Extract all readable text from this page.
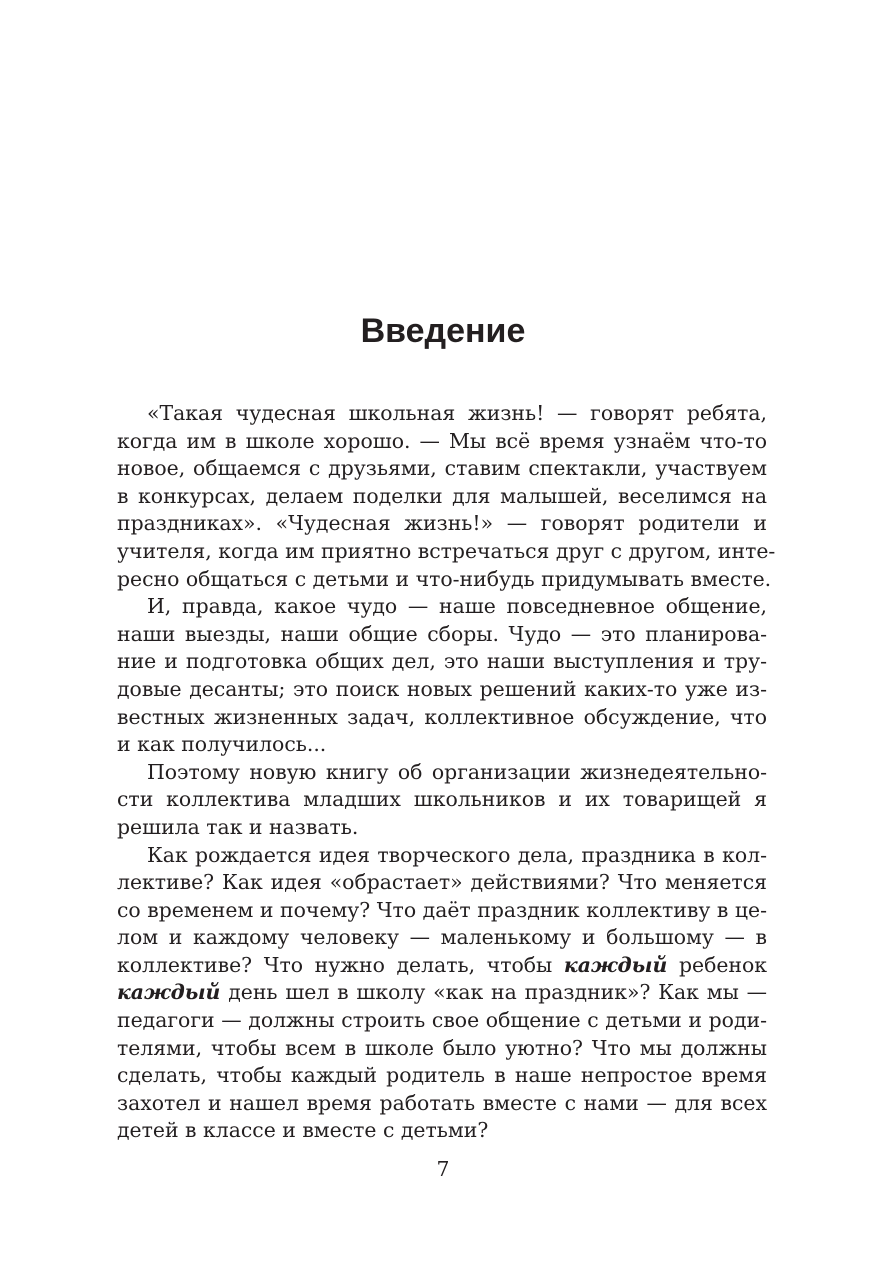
Введение
«Такая чудесная школьная жизнь! — говорят ребята,
когда им в школе хорошо. — Мы всё время узнаём что-то
новое, общаемся с друзьями, ставим спектакли, участвуем
в конкурсах, делаем поделки для малышей, веселимся на
праздниках». «Чудесная жизнь!» — говорят родители и
учителя, когда им приятно встречаться друг с другом, инте-
ресно общаться с детьми и что-нибудь придумывать вместе.
И, правда, какое чудо — наше повседневное общение,
наши выезды, наши общие сборы. Чудо — это планирова-
ние и подготовка общих дел, это наши выступления и тру-
довые десанты; это поиск новых решений каких-то уже из-
вестных жизненных задач, коллективное обсуждение, что
и как получилось...
Поэтому новую книгу об организации жизнедеятельно-
сти коллектива младших школьников и их товарищей я
решила так и назвать.
Как рождается идея творческого дела, праздника в кол-
лективе? Как идея «обрастает» действиями? Что меняется
со временем и почему? Что даёт праздник коллективу в це-
лом и каждому человеку — маленькому и большому — в
коллективе? Что нужно делать, чтобы каждый ребенок
каждый день шел в школу «как на праздник»? Как мы —
педагоги — должны строить свое общение с детьми и роди-
телями, чтобы всем в школе было уютно? Что мы должны
сделать, чтобы каждый родитель в наше непростое время
захотел и нашел время работать вместе с нами — для всех
детей в классе и вместе с детьми?
7
